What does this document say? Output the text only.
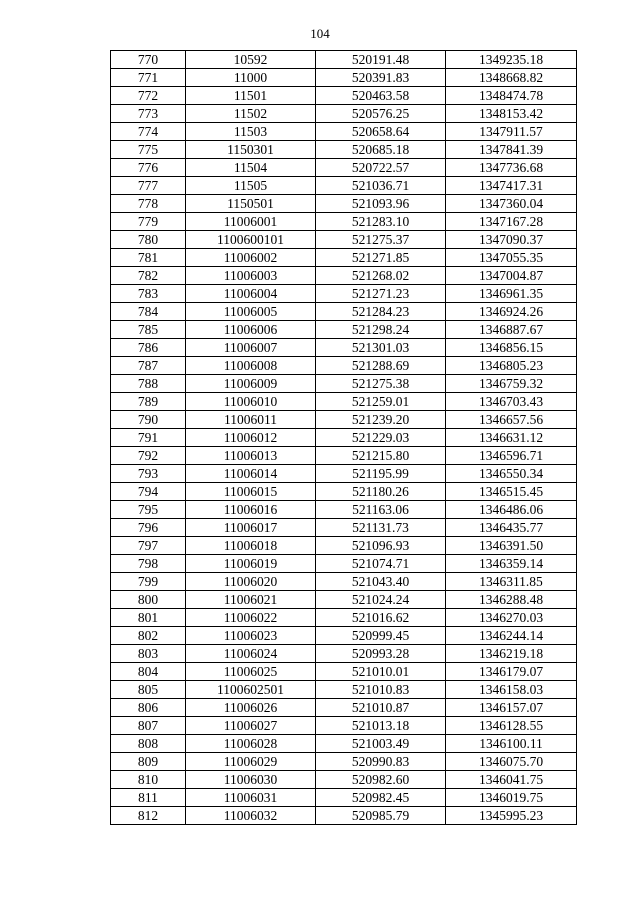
104
770	10592	520191.48	1349235.18
771	11000	520391.83	1348668.82
772	11501	520463.58	1348474.78
773	11502	520576.25	1348153.42
774	11503	520658.64	1347911.57
775	1150301	520685.18	1347841.39
776	11504	520722.57	1347736.68
777	11505	521036.71	1347417.31
778	1150501	521093.96	1347360.04
779	11006001	521283.10	1347167.28
780	1100600101	521275.37	1347090.37
781	11006002	521271.85	1347055.35
782	11006003	521268.02	1347004.87
783	11006004	521271.23	1346961.35
784	11006005	521284.23	1346924.26
785	11006006	521298.24	1346887.67
786	11006007	521301.03	1346856.15
787	11006008	521288.69	1346805.23
788	11006009	521275.38	1346759.32
789	11006010	521259.01	1346703.43
790	11006011	521239.20	1346657.56
791	11006012	521229.03	1346631.12
792	11006013	521215.80	1346596.71
793	11006014	521195.99	1346550.34
794	11006015	521180.26	1346515.45
795	11006016	521163.06	1346486.06
796	11006017	521131.73	1346435.77
797	11006018	521096.93	1346391.50
798	11006019	521074.71	1346359.14
799	11006020	521043.40	1346311.85
800	11006021	521024.24	1346288.48
801	11006022	521016.62	1346270.03
802	11006023	520999.45	1346244.14
803	11006024	520993.28	1346219.18
804	11006025	521010.01	1346179.07
805	1100602501	521010.83	1346158.03
806	11006026	521010.87	1346157.07
807	11006027	521013.18	1346128.55
808	11006028	521003.49	1346100.11
809	11006029	520990.83	1346075.70
810	11006030	520982.60	1346041.75
811	11006031	520982.45	1346019.75
812	11006032	520985.79	1345995.23
